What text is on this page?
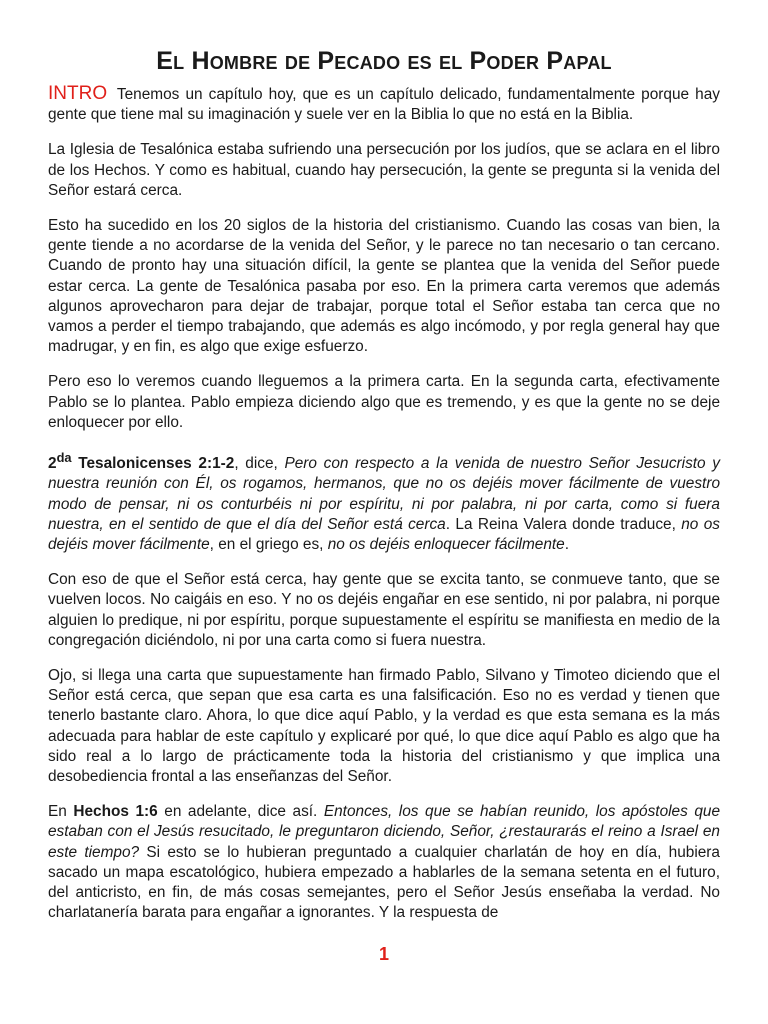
El Hombre de Pecado es el Poder Papal

INTRO Tenemos un capítulo hoy, que es un capítulo delicado, fundamentalmente porque hay gente que tiene mal su imaginación y suele ver en la Biblia lo que no está en la Biblia.

La Iglesia de Tesalónica estaba sufriendo una persecución por los judíos, que se aclara en el libro de los Hechos. Y como es habitual, cuando hay persecución, la gente se pregunta si la venida del Señor estará cerca.

Esto ha sucedido en los 20 siglos de la historia del cristianismo. Cuando las cosas van bien, la gente tiende a no acordarse de la venida del Señor, y le parece no tan necesario o tan cercano. Cuando de pronto hay una situación difícil, la gente se plantea que la venida del Señor puede estar cerca. La gente de Tesalónica pasaba por eso. En la primera carta veremos que además algunos aprovecharon para dejar de trabajar, porque total el Señor estaba tan cerca que no vamos a perder el tiempo trabajando, que además es algo incómodo, y por regla general hay que madrugar, y en fin, es algo que exige esfuerzo.

Pero eso lo veremos cuando lleguemos a la primera carta. En la segunda carta, efectivamente Pablo se lo plantea. Pablo empieza diciendo algo que es tremendo, y es que la gente no se deje enloquecer por ello.

$2^{da}$ Tesalonicenses 2:1-2, dice, Pero con respecto a la venida de nuestro Señor Jesucristo y nuestra reunión con Él, os rogamos, hermanos, que no os dejéis mover fácilmente de vuestro modo de pensar, ni os conturbéis ni por espíritu, ni por palabra, ni por carta, como si fuera nuestra, en el sentido de que el día del Señor está cerca. La Reina Valera donde traduce, no os dejéis mover fácilmente, en el griego es, no os dejéis enloquecer fácilmente.

Con eso de que el Señor está cerca, hay gente que se excita tanto, se conmueve tanto, que se vuelven locos. No caigáis en eso. Y no os dejéis engañar en ese sentido, ni por palabra, ni porque alguien lo predique, ni por espíritu, porque supuestamente el espíritu se manifiesta en medio de la congregación diciéndolo, ni por una carta como si fuera nuestra.

Ojo, si llega una carta que supuestamente han firmado Pablo, Silvano y Timoteo diciendo que el Señor está cerca, que sepan que esa carta es una falsificación. Eso no es verdad y tienen que tenerlo bastante claro. Ahora, lo que dice aquí Pablo, y la verdad es que esta semana es la más adecuada para hablar de este capítulo y explicaré por qué, lo que dice aquí Pablo es algo que ha sido real a lo largo de prácticamente toda la historia del cristianismo y que implica una desobediencia frontal a las enseñanzas del Señor.

En Hechos 1:6 en adelante, dice así. Entonces, los que se habían reunido, los apóstoles que estaban con el Jesús resucitado, le preguntaron diciendo, Señor, ¿restaurarás el reino a Israel en este tiempo? Si esto se lo hubieran preguntado a cualquier charlatán de hoy en día, hubiera sacado un mapa escatológico, hubiera empezado a hablarles de la semana setenta en el futuro, del anticristo, en fin, de más cosas semejantes, pero el Señor Jesús enseñaba la verdad. No charlatanería barata para engañar a ignorantes. Y la respuesta de

1
